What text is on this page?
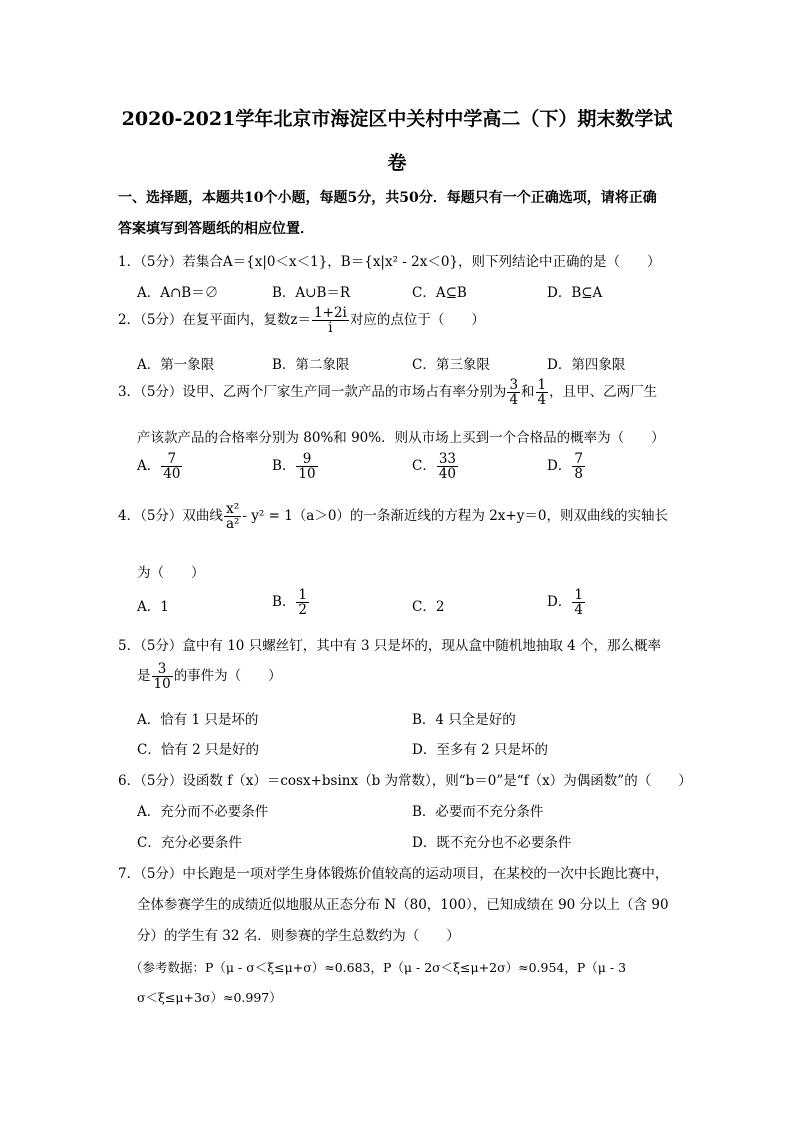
2020-2021学年北京市海淀区中关村中学高二（下）期末数学试
卷
一、选择题，本题共10个小题，每题5分，共50分．每题只有一个正确选项，请将正确
答案填写到答题纸的相应位置．
1．（5分）若集合A＝{x|0＜x＜1}，B＝{x|x² - 2x＜0}，则下列结论中正确的是（　　）
A．A∩B＝∅	B．A∪B＝R	C．A⊆B	D．B⊆A
2．（5分）在复平面内，复数$z= \frac{1+2i}{i}$ 对应的点位于（　　）
A．第一象限	B．第二象限	C．第三象限	D．第四象限
3．（5分）设甲、乙两个厂家生产同一款产品的市场占有率分别为 $\frac{3}{4}$ 和 $\frac{1}{4}$ ，且甲、乙两厂生
产该款产品的合格率分别为 80%和 90%．则从市场上买到一个合格品的概率为（　　）
A． $\frac{7}{40}$	B． $\frac{9}{10}$	C． $\frac{33}{40}$	D． $\frac{7}{8}$
4．（5分）双曲线 $\frac{\text{x²}}{\text{a²}} - y^2 = 1(a>0)$的一条渐近线的方程为 2x+y＝0，则双曲线的实轴长
为（　　）
A．1	B． $\frac{1}{2}$	C．2	D． $\frac{1}{4}$
5．（5分）盒中有 10 只螺丝钉，其中有 3 只是坏的，现从盒中随机地抽取 4 个，那么概率
是 $\frac{3}{10}$ 的事件为（　　）
A．恰有 1 只是坏的	B．4 只全是好的
C．恰有 2 只是好的	D．至多有 2 只是坏的
6．（5分）设函数 f（x）＝cosx+bsinx（b 为常数），则“b＝0”是“f（x）为偶函数”的（　　）
A．充分而不必要条件	B．必要而不充分条件
C．充分必要条件	D．既不充分也不必要条件
7．（5分）中长跑是一项对学生身体锻炼价值较高的运动项目，在某校的一次中长跑比赛中，
全体参赛学生的成绩近似地服从正态分布 N（80，100），已知成绩在 90 分以上（含 90
分）的学生有 32 名．则参赛的学生总数约为（　　）
（参考数据：P（μ - σ＜ξ≤μ+σ）≈0.683，P（μ - 2σ＜ξ≤μ+2σ）≈0.954，P（μ - 3
σ＜ξ≤μ+3σ）≈0.997）
